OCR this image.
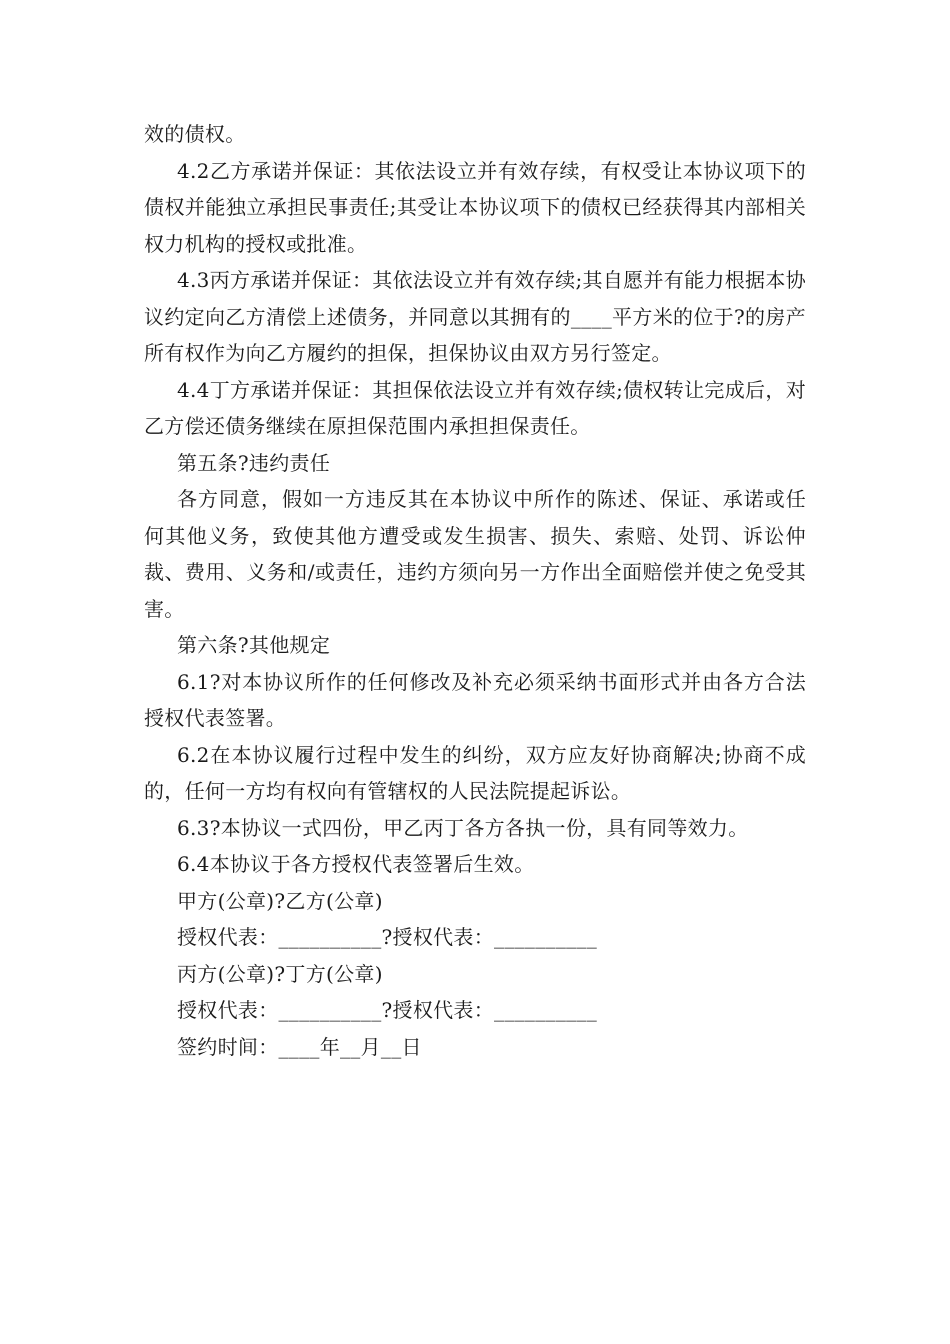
效的债权。

4.2乙方承诺并保证：其依法设立并有效存续，有权受让本协议项下的债权并能独立承担民事责任;其受让本协议项下的债权已经获得其内部相关权力机构的授权或批准。

4.3丙方承诺并保证：其依法设立并有效存续;其自愿并有能力根据本协议约定向乙方清偿上述债务，并同意以其拥有的____平方米的位于?的房产所有权作为向乙方履约的担保，担保协议由双方另行签定。

4.4丁方承诺并保证：其担保依法设立并有效存续;债权转让完成后，对乙方偿还债务继续在原担保范围内承担担保责任。

第五条?违约责任

各方同意，假如一方违反其在本协议中所作的陈述、保证、承诺或任何其他义务，致使其他方遭受或发生损害、损失、索赔、处罚、诉讼仲裁、费用、义务和/或责任，违约方须向另一方作出全面赔偿并使之免受其害。

第六条?其他规定

6.1?对本协议所作的任何修改及补充必须采纳书面形式并由各方合法授权代表签署。

6.2在本协议履行过程中发生的纠纷，双方应友好协商解决;协商不成的，任何一方均有权向有管辖权的人民法院提起诉讼。

6.3?本协议一式四份，甲乙丙丁各方各执一份，具有同等效力。

6.4本协议于各方授权代表签署后生效。

甲方(公章)?乙方(公章)

授权代表：__________?授权代表：__________

丙方(公章)?丁方(公章)

授权代表：__________?授权代表：__________

签约时间：____年__月__日
